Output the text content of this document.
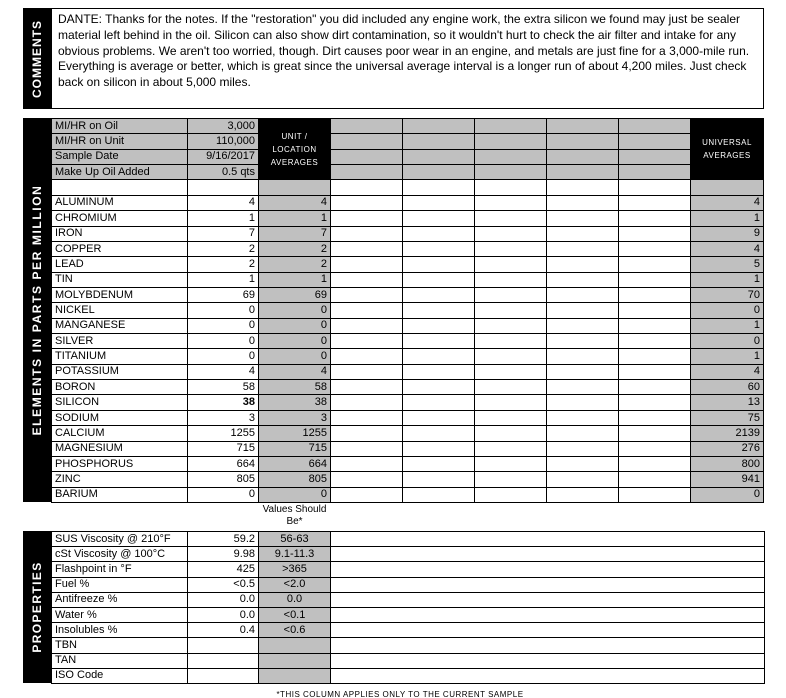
COMMENTS
DANTE: Thanks for the notes. If the "restoration" you did included any engine work, the extra silicon we found may just be sealer material left behind in the oil. Silicon can also show dirt contamination, so it wouldn't hurt to check the air filter and intake for any obvious problems. We aren't too worried, though. Dirt causes poor wear in an engine, and metals are just fine for a 3,000-mile run. Everything is average or better, which is great since the universal average interval is a longer run of about 4,200 miles. Just check back on silicon in about 5,000 miles.
ELEMENTS IN PARTS PER MILLION
MI/HR on Oil	3,000	UNIT / LOCATION AVERAGES						UNIVERSAL AVERAGES
MI/HR on Unit	110,000							
Sample Date	9/16/2017							
Make Up Oil Added	0.5 qts							

ALUMINUM	4	4						4
CHROMIUM	1	1						1
IRON	7	7						9
COPPER	2	2						4
LEAD	2	2						5
TIN	1	1						1
MOLYBDENUM	69	69						70
NICKEL	0	0						0
MANGANESE	0	0						1
SILVER	0	0						0
TITANIUM	0	0						1
POTASSIUM	4	4						4
BORON	58	58						60
SILICON	38	38						13
SODIUM	3	3						75
CALCIUM	1255	1255						2139
MAGNESIUM	715	715						276
PHOSPHORUS	664	664						800
ZINC	805	805						941
BARIUM	0	0						0
Values Should Be*
PROPERTIES
SUS Viscosity @ 210°F	59.2	56-63	
cSt Viscosity @ 100°C	9.98	9.1-11.3	
Flashpoint in °F	425	>365	
Fuel %	<0.5	<2.0	
Antifreeze %	0.0	0.0	
Water %	0.0	<0.1	
Insolubles %	0.4	<0.6	
TBN			
TAN			
ISO Code			
*THIS COLUMN APPLIES ONLY TO THE CURRENT SAMPLE
